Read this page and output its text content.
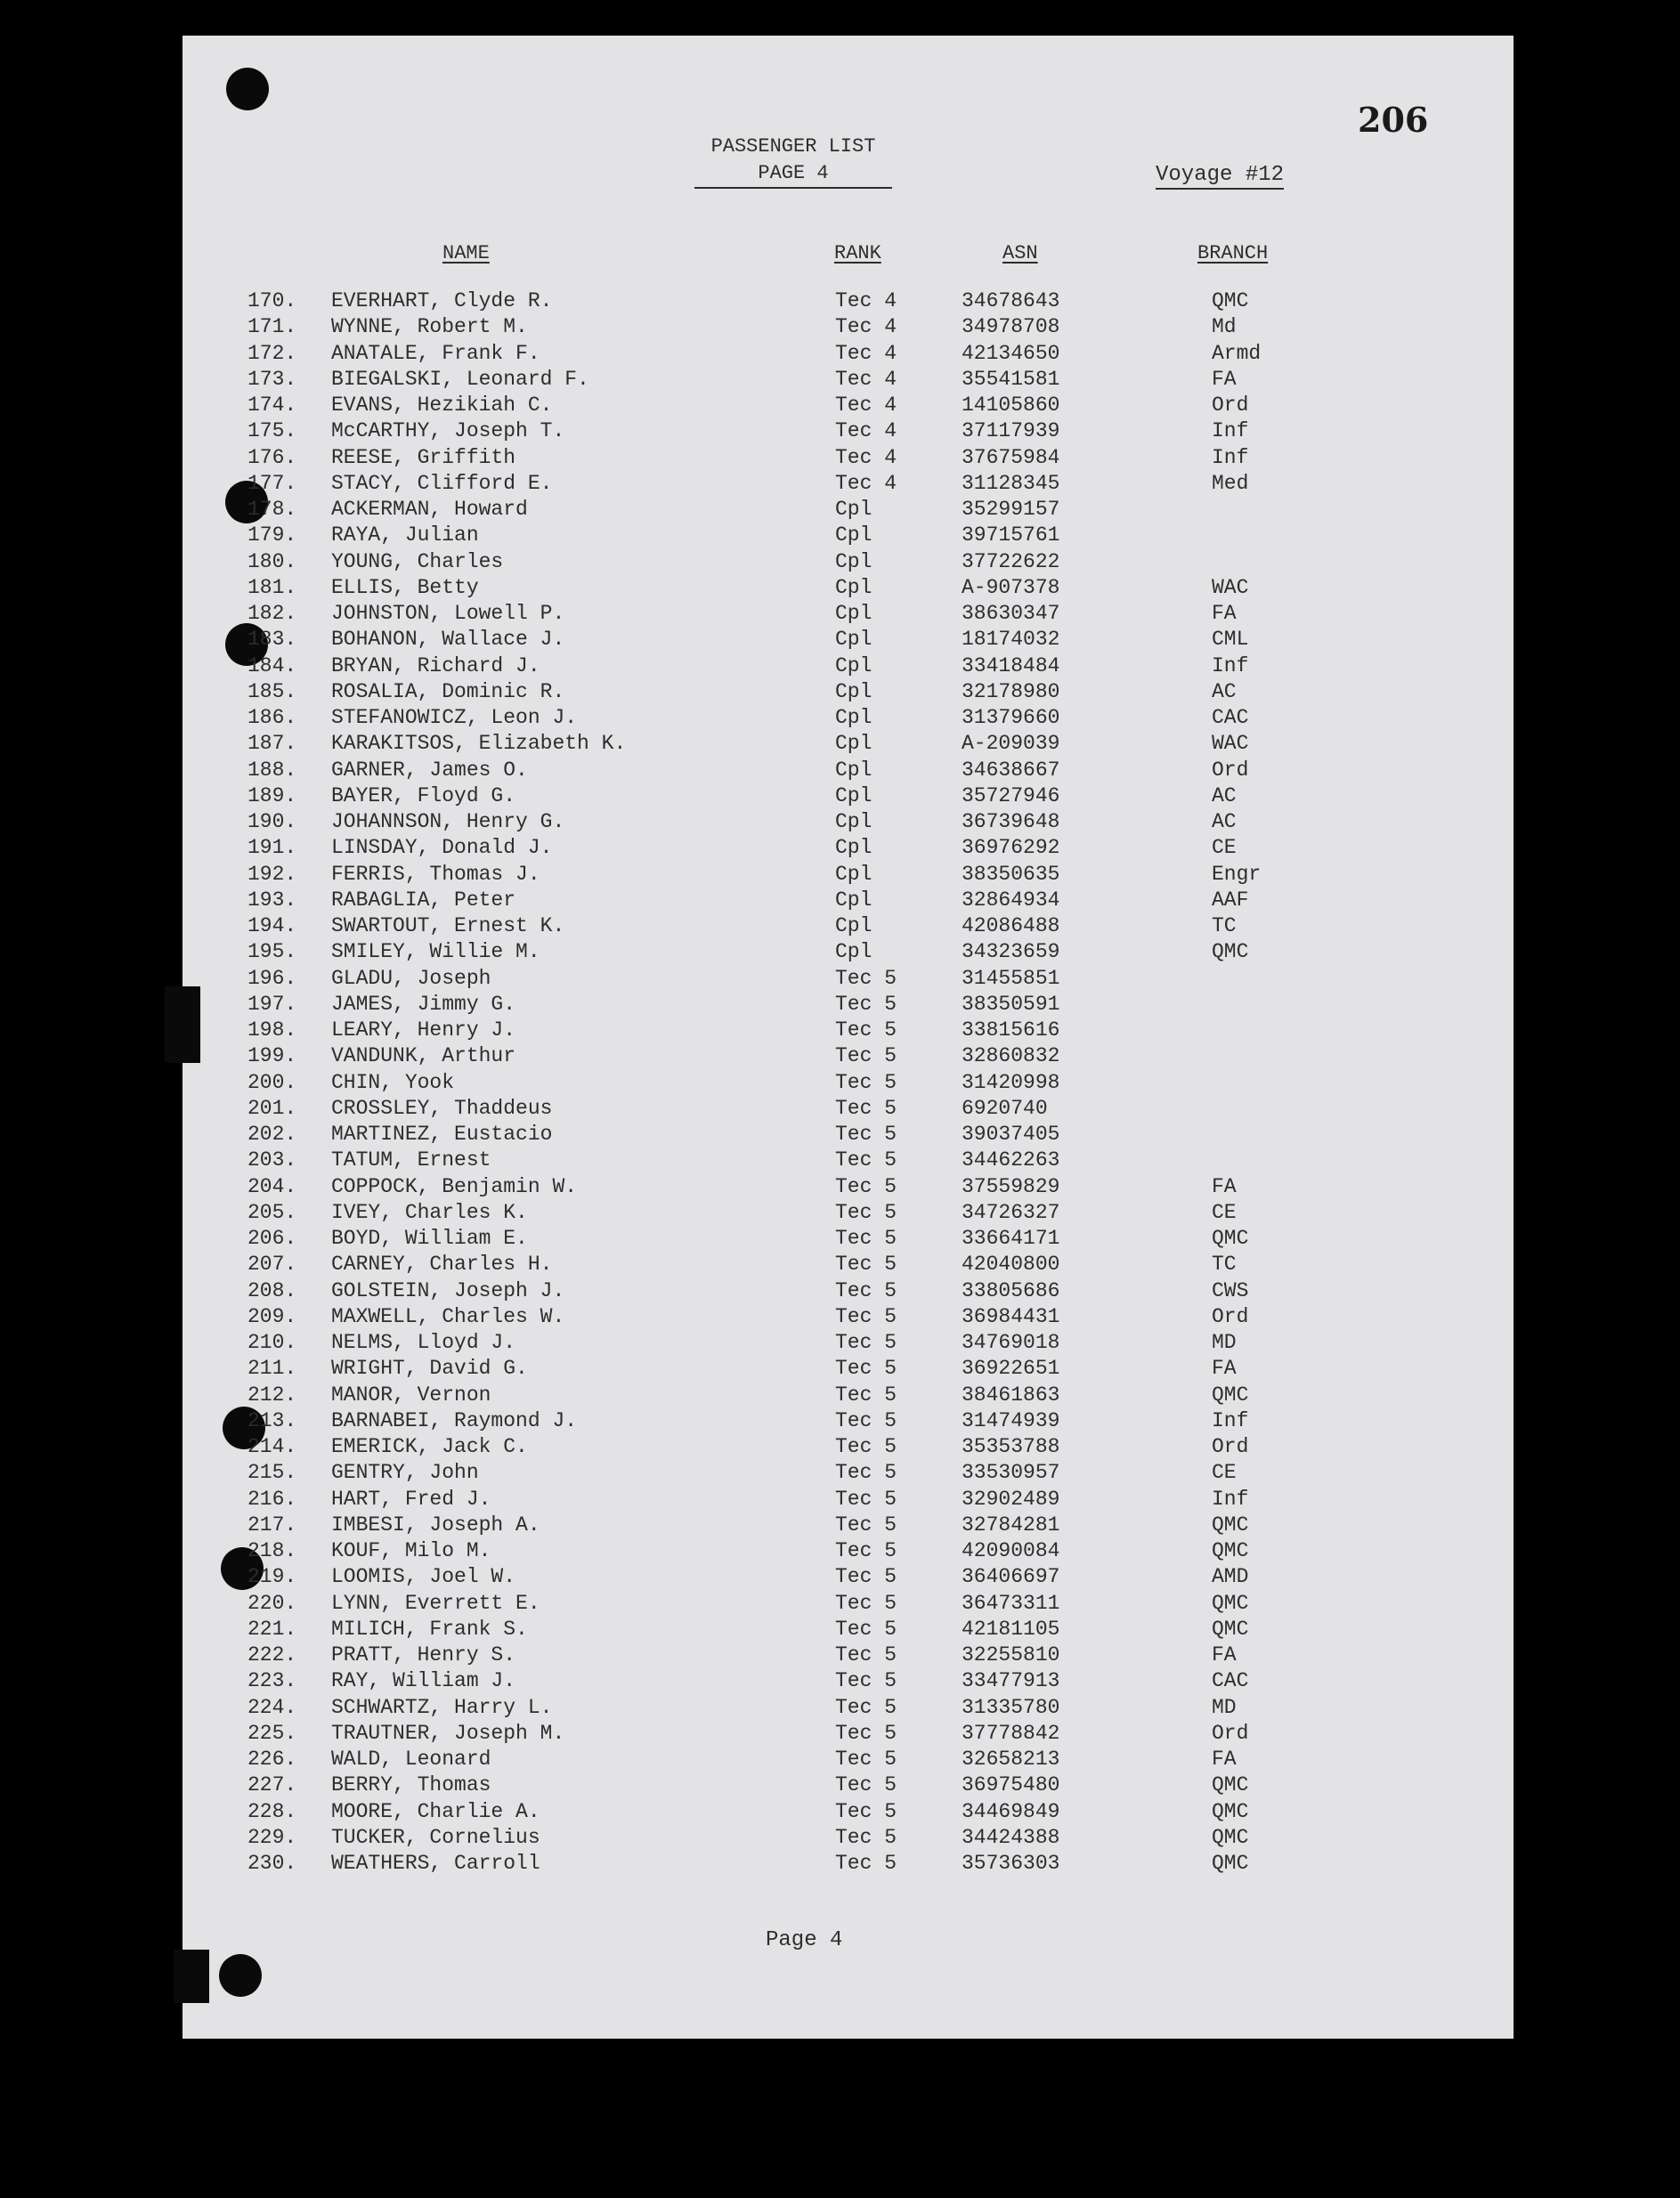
206
PASSENGER LIST
PAGE 4	Voyage #12
NAME	RANK	ASN	BRANCH
170. EVERHART, Clyde R.	Tec 4	34678643	QMC
171. WYNNE, Robert M.	Tec 4	34978708	Md
172. ANATALE, Frank F.	Tec 4	42134650	Armd
173. BIEGALSKI, Leonard F.	Tec 4	35541581	FA
174. EVANS, Hezikiah C.	Tec 4	14105860	Ord
175. McCARTHY, Joseph T.	Tec 4	37117939	Inf
176. REESE, Griffith	Tec 4	37675984	Inf
177. STACY, Clifford E.	Tec 4	31128345	Med
178. ACKERMAN, Howard	Cpl	35299157
179. RAYA, Julian	Cpl	39715761
180. YOUNG, Charles	Cpl	37722622
181. ELLIS, Betty	Cpl	A-907378	WAC
182. JOHNSTON, Lowell P.	Cpl	38630347	FA
183. BOHANON, Wallace J.	Cpl	18174032	CML
184. BRYAN, Richard J.	Cpl	33418484	Inf
185. ROSALIA, Dominic R.	Cpl	32178980	AC
186. STEFANOWICZ, Leon J.	Cpl	31379660	CAC
187. KARAKITSOS, Elizabeth K.	Cpl	A-209039	WAC
188. GARNER, James O.	Cpl	34638667	Ord
189. BAYER, Floyd G.	Cpl	35727946	AC
190. JOHANNSON, Henry G.	Cpl	36739648	AC
191. LINSDAY, Donald J.	Cpl	36976292	CE
192. FERRIS, Thomas J.	Cpl	38350635	Engr
193. RABAGLIA, Peter	Cpl	32864934	AAF
194. SWARTOUT, Ernest K.	Cpl	42086488	TC
195. SMILEY, Willie M.	Cpl	34323659	QMC
196. GLADU, Joseph	Tec 5	31455851
197. JAMES, Jimmy G.	Tec 5	38350591
198. LEARY, Henry J.	Tec 5	33815616
199. VANDUNK, Arthur	Tec 5	32860832
200. CHIN, Yook	Tec 5	31420998
201. CROSSLEY, Thaddeus	Tec 5	6920740
202. MARTINEZ, Eustacio	Tec 5	39037405
203. TATUM, Ernest	Tec 5	34462263
204. COPPOCK, Benjamin W.	Tec 5	37559829	FA
205. IVEY, Charles K.	Tec 5	34726327	CE
206. BOYD, William E.	Tec 5	33664171	QMC
207. CARNEY, Charles H.	Tec 5	42040800	TC
208. GOLSTEIN, Joseph J.	Tec 5	33805686	CWS
209. MAXWELL, Charles W.	Tec 5	36984431	Ord
210. NELMS, Lloyd J.	Tec 5	34769018	MD
211. WRIGHT, David G.	Tec 5	36922651	FA
212. MANOR, Vernon	Tec 5	38461863	QMC
213. BARNABEI, Raymond J.	Tec 5	31474939	Inf
214. EMERICK, Jack C.	Tec 5	35353788	Ord
215. GENTRY, John	Tec 5	33530957	CE
216. HART, Fred J.	Tec 5	32902489	Inf
217. IMBESI, Joseph A.	Tec 5	32784281	QMC
218. KOUF, Milo M.	Tec 5	42090084	QMC
219. LOOMIS, Joel W.	Tec 5	36406697	AMD
220. LYNN, Everrett E.	Tec 5	36473311	QMC
221. MILICH, Frank S.	Tec 5	42181105	QMC
222. PRATT, Henry S.	Tec 5	32255810	FA
223. RAY, William J.	Tec 5	33477913	CAC
224. SCHWARTZ, Harry L.	Tec 5	31335780	MD
225. TRAUTNER, Joseph M.	Tec 5	37778842	Ord
226. WALD, Leonard	Tec 5	32658213	FA
227. BERRY, Thomas	Tec 5	36975480	QMC
228. MOORE, Charlie A.	Tec 5	34469849	QMC
229. TUCKER, Cornelius	Tec 5	34424388	QMC
230. WEATHERS, Carroll	Tec 5	35736303	QMC
Page 4
